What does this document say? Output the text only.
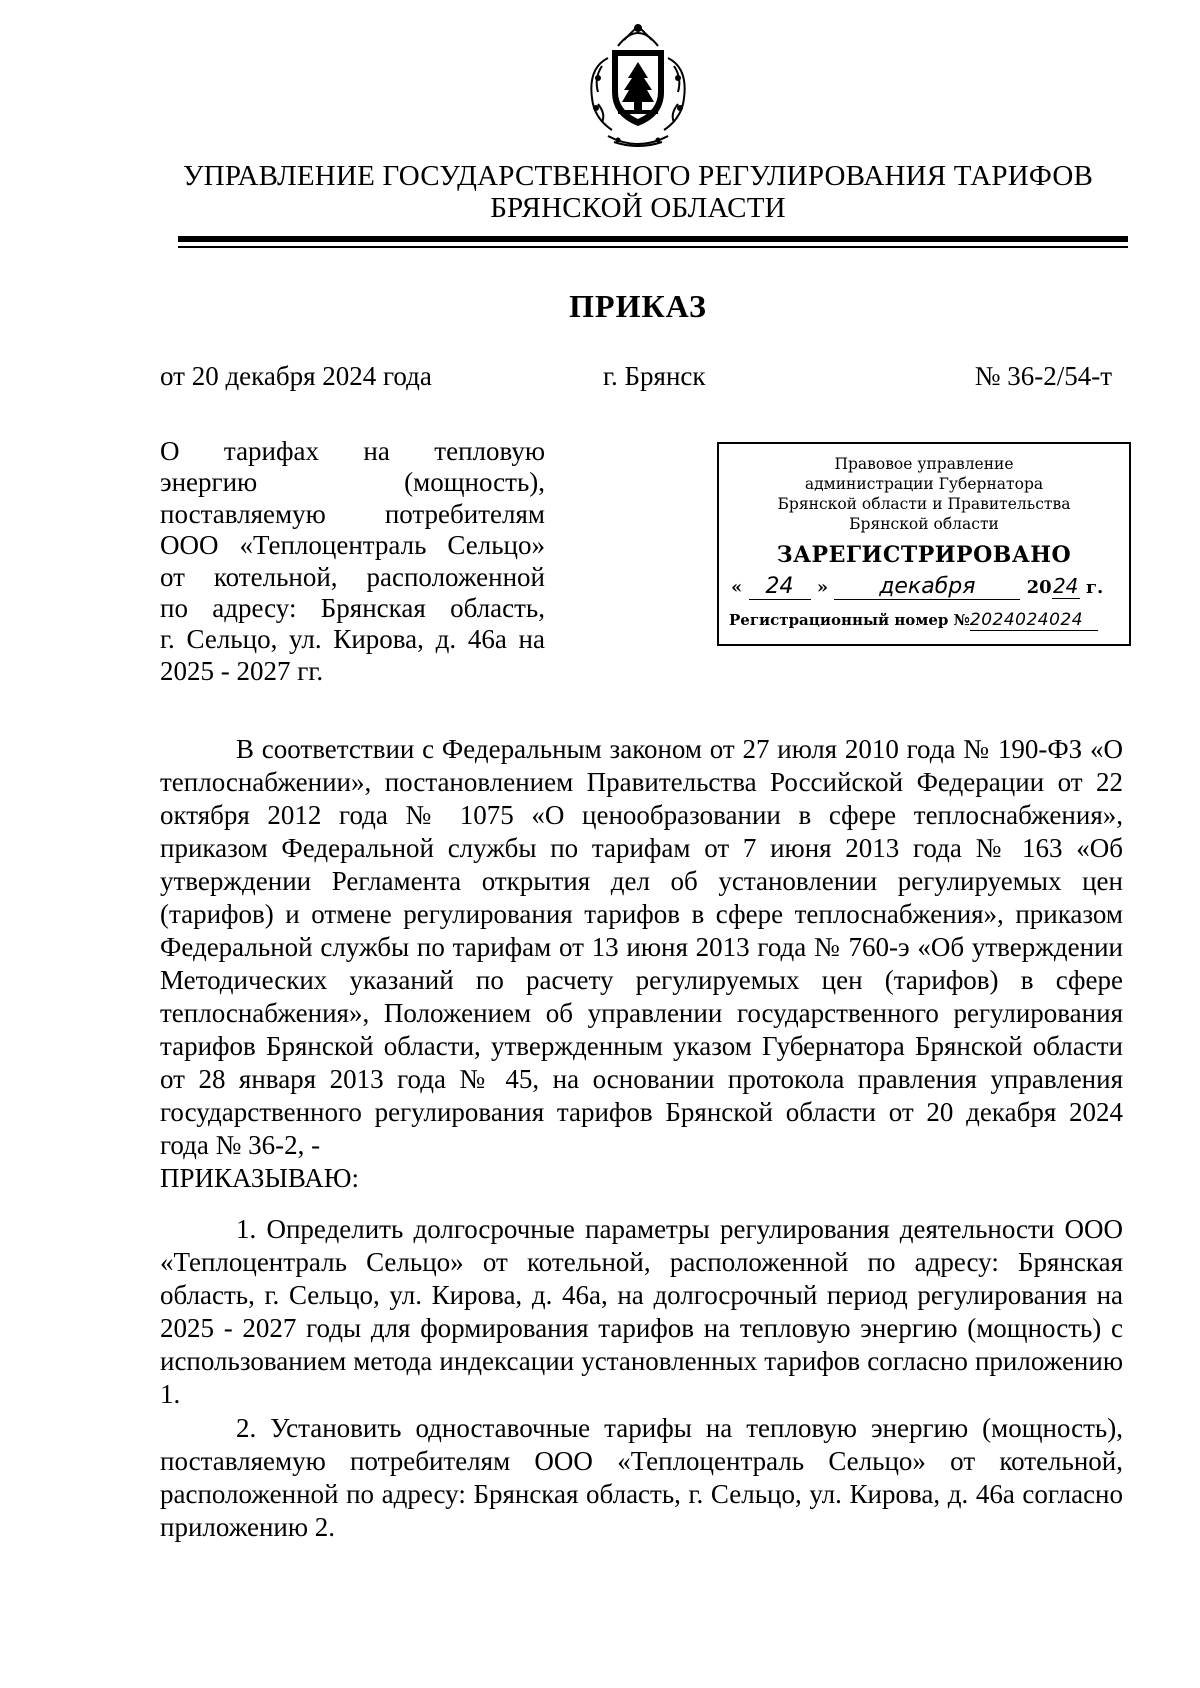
УПРАВЛЕНИЕ ГОСУДАРСТВЕННОГО РЕГУЛИРОВАНИЯ ТАРИФОВ
БРЯНСКОЙ ОБЛАСТИ
ПРИКАЗ
от 20 декабря 2024 года	г. Брянск	№ 36-2/54-т
О тарифах на тепловую
энергию (мощность),
поставляемую потребителям
ООО «Теплоцентраль Сельцо»
от котельной, расположенной
по адресу: Брянская область,
г. Сельцо, ул. Кирова, д. 46а на
2025 - 2027 гг.
Правовое управление
администрации Губернатора
Брянской области и Правительства
Брянской области
ЗАРЕГИСТРИРОВАНО
« 24 » декабря	2024 г.
Регистрационный номер №2024024024

В соответствии с Федеральным законом от 27 июля 2010 года № 190-ФЗ «О теплоснабжении», постановлением Правительства Российской Федерации от 22 октября 2012 года № 1075 «О ценообразовании в сфере теплоснабжения», приказом Федеральной службы по тарифам от 7 июня 2013 года № 163 «Об утверждении Регламента открытия дел об установлении регулируемых цен (тарифов) и отмене регулирования тарифов в сфере теплоснабжения», приказом Федеральной службы по тарифам от 13 июня 2013 года № 760-э «Об утверждении Методических указаний по расчету регулируемых цен (тарифов) в сфере теплоснабжения», Положением об управлении государственного регулирования тарифов Брянской области, утвержденным указом Губернатора Брянской области от 28 января 2013 года № 45, на основании протокола правления управления государственного регулирования тарифов Брянской области от 20 декабря 2024 года № 36-2, -

ПРИКАЗЫВАЮ:

1. Определить долгосрочные параметры регулирования деятельности ООО «Теплоцентраль Сельцо» от котельной, расположенной по адресу: Брянская область, г. Сельцо, ул. Кирова, д. 46а, на долгосрочный период регулирования на 2025 - 2027 годы для формирования тарифов на тепловую энергию (мощность) с использованием метода индексации установленных тарифов согласно приложению 1.

2. Установить одноставочные тарифы на тепловую энергию (мощность), поставляемую потребителям ООО «Теплоцентраль Сельцо» от котельной, расположенной по адресу: Брянская область, г. Сельцо, ул. Кирова, д. 46а согласно приложению 2.
